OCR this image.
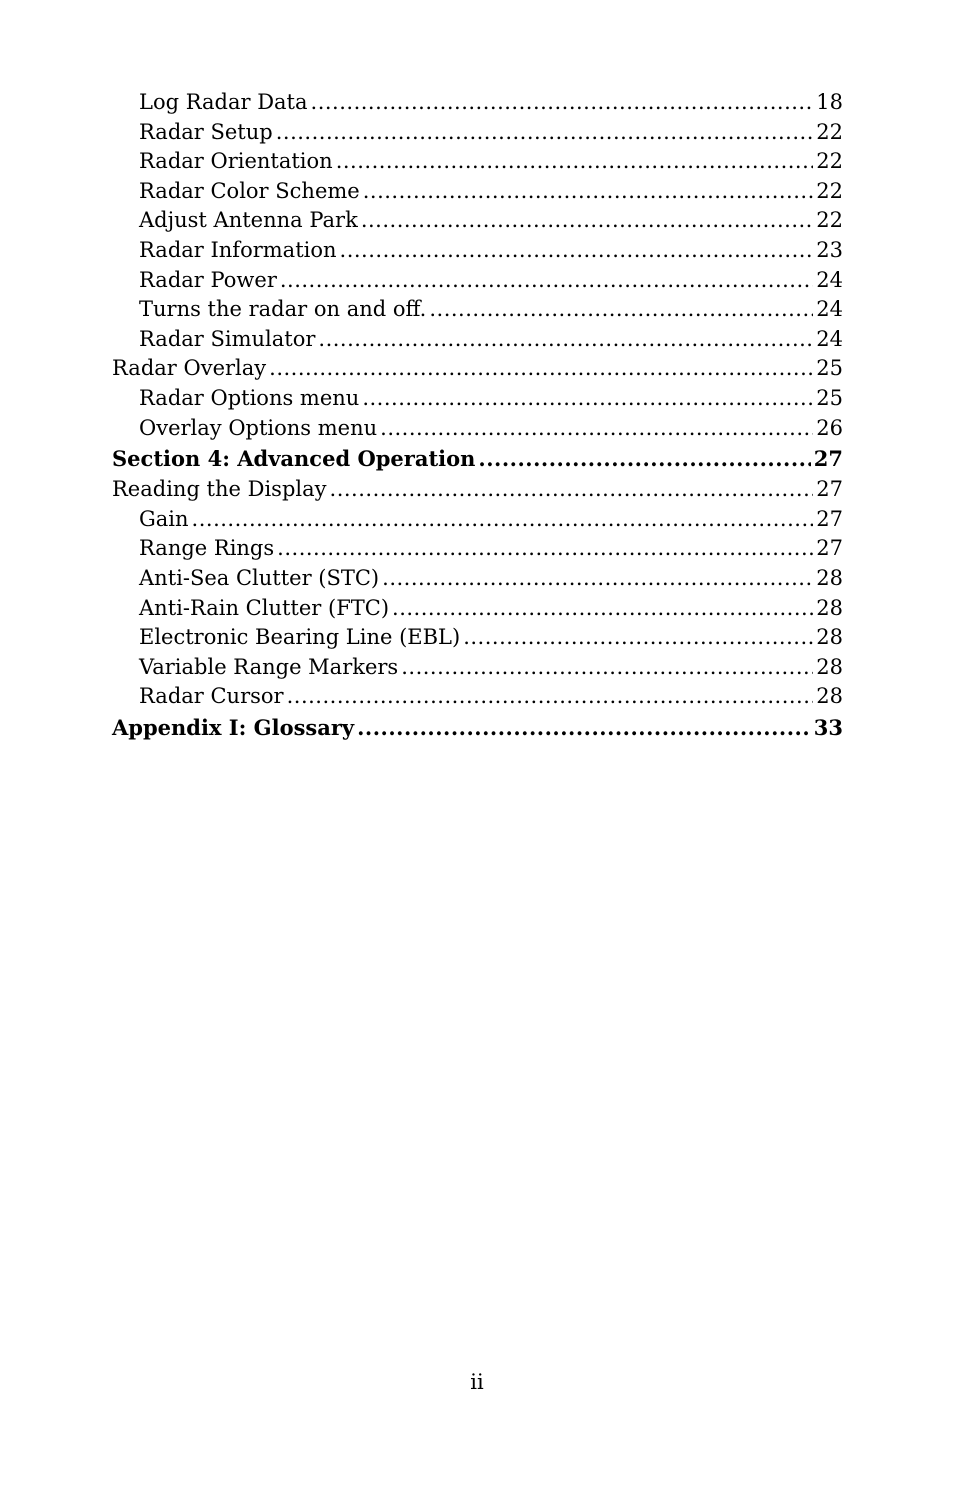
Log Radar Data .....	18
Radar Setup .....	22
Radar Orientation .....	22
Radar Color Scheme .....	22
Adjust Antenna Park .....	22
Radar Information .....	23
Radar Power .....	24
Turns the radar on and off. .....	24
Radar Simulator .....	24
Radar Overlay .....	25
Radar Options menu .....	25
Overlay Options menu .....	26
Section 4: Advanced Operation .....	27
Reading the Display .....	27
Gain .....	27
Range Rings .....	27
Anti-Sea Clutter (STC) .....	28
Anti-Rain Clutter (FTC) .....	28
Electronic Bearing Line (EBL) .....	28
Variable Range Markers .....	28
Radar Cursor .....	28
Appendix I: Glossary .....	33
ii
